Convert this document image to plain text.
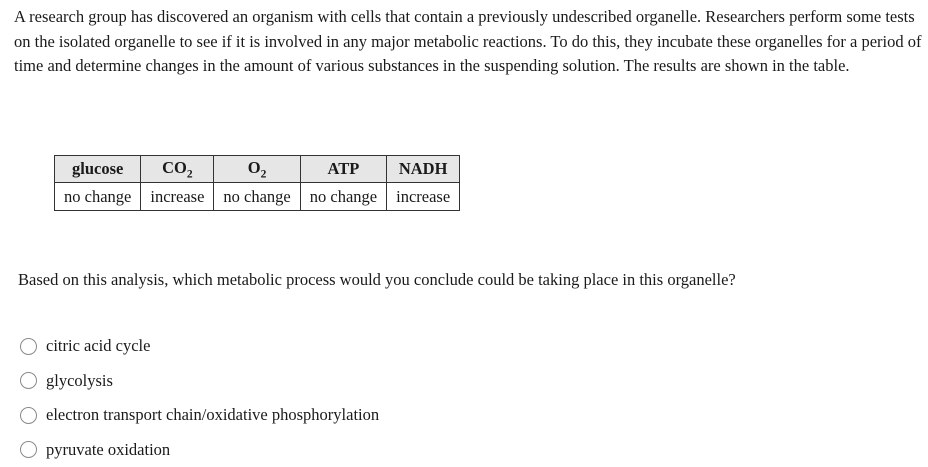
A research group has discovered an organism with cells that contain a previously undescribed organelle. Researchers perform some tests on the isolated organelle to see if it is involved in any major metabolic reactions. To do this, they incubate these organelles for a period of time and determine changes in the amount of various substances in the suspending solution. The results are shown in the table.

glucose	$CO_2$	$O_2$	ATP	NADH
no change	increase	no change	no change	increase

Based on this analysis, which metabolic process would you conclude could be taking place in this organelle?

citric acid cycle
glycolysis
electron transport chain/oxidative phosphorylation
pyruvate oxidation
